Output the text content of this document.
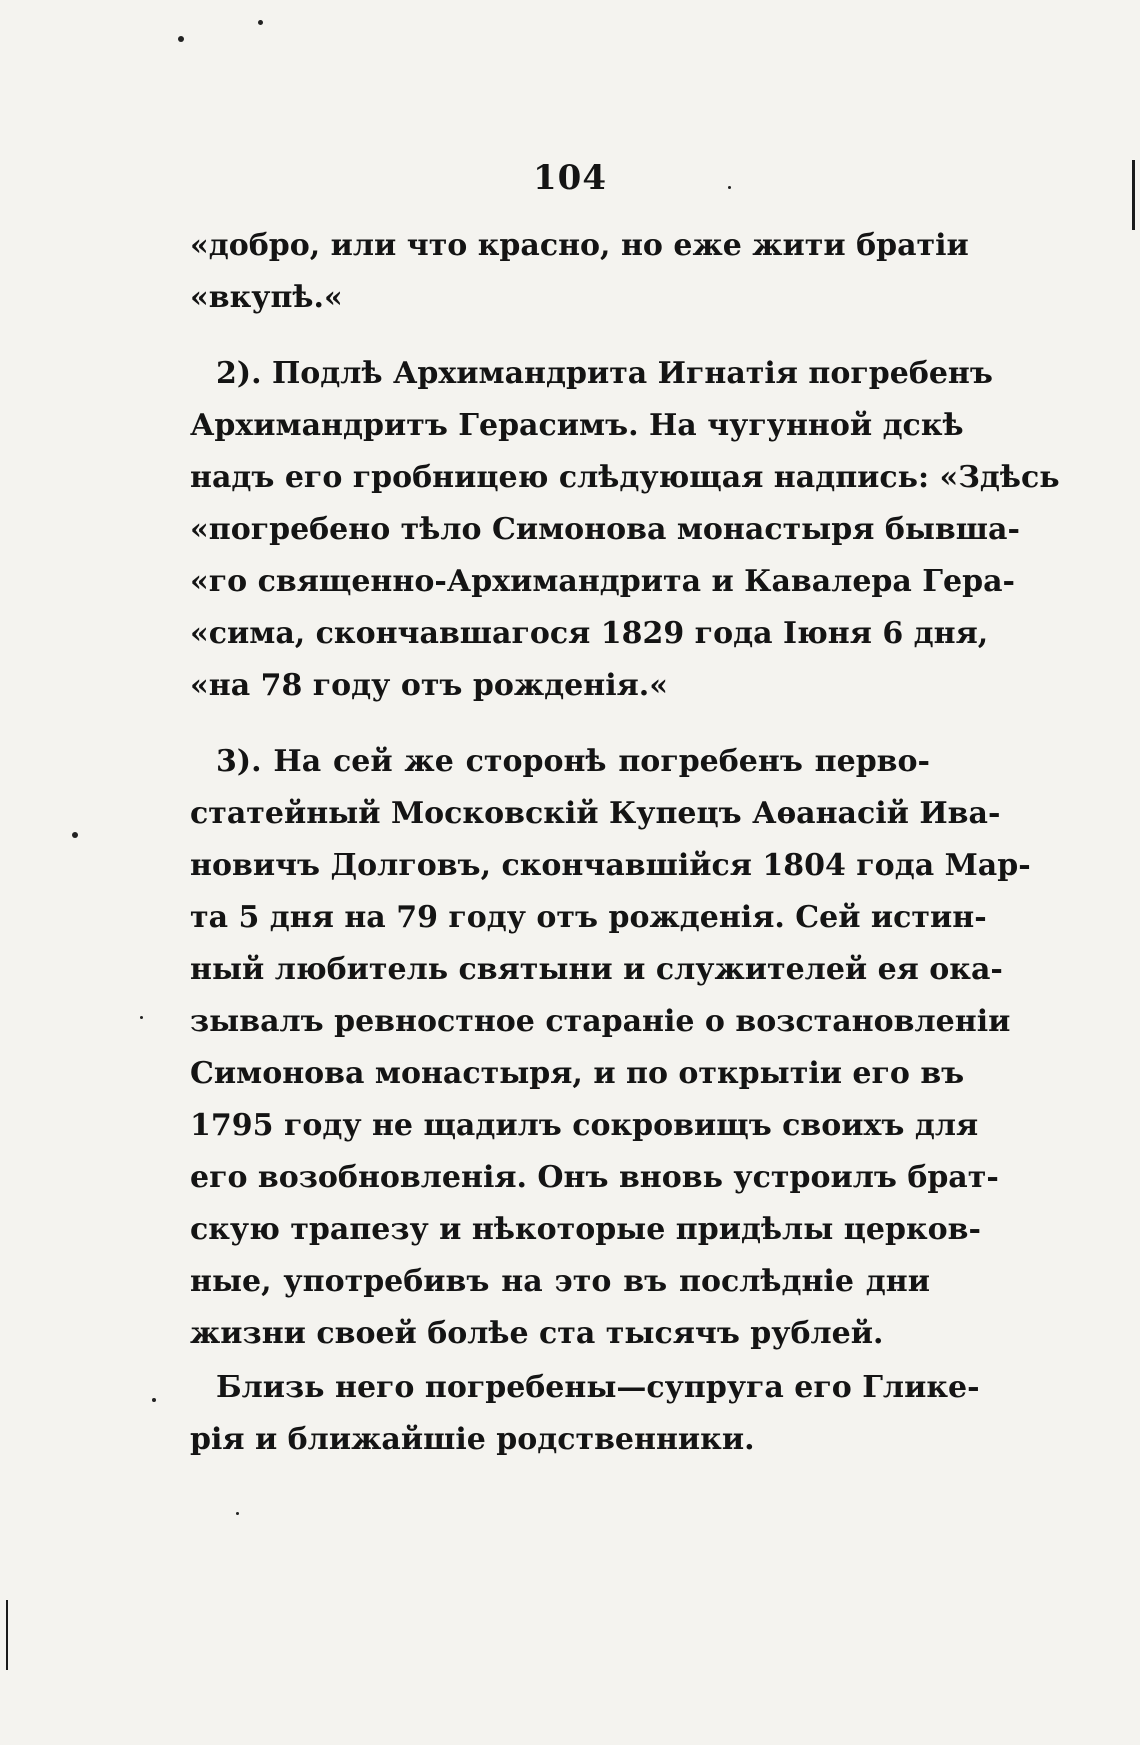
104
«добро, или что красно, но еже жити братіи
«вкупѣ.«
2). Подлѣ Архимандрита Игнатія погребенъ
Архимандритъ Герасимъ. На чугунной дскѣ
надъ его гробницею слѣдующая надпись: «Здѣсь
«погребено тѣло Симонова монастыря бывша-
«го священно-Архимандрита и Кавалера Гера-
«сима, скончавшагося 1829 года Іюня 6 дня,
«на 78 году отъ рожденія.«
3). На сей же сторонѣ погребенъ перво-
статейный Московскій Купецъ Аѳанасій Ива-
новичъ Долговъ, скончавшійся 1804 года Мар-
та 5 дня на 79 году отъ рожденія. Сей истин-
ный любитель святыни и служителей ея ока-
зывалъ ревностное стараніе о возстановленіи
Симонова монастыря, и по открытіи его въ
1795 году не щадилъ сокровищъ своихъ для
его возобновленія. Онъ вновь устроилъ брат-
скую трапезу и нѣкоторые придѣлы церков-
ные, употребивъ на это въ послѣдніе дни
жизни своей болѣе ста тысячъ рублей.
Близь него погребены—супруга его Глике-
рія и ближайшіе родственники.
